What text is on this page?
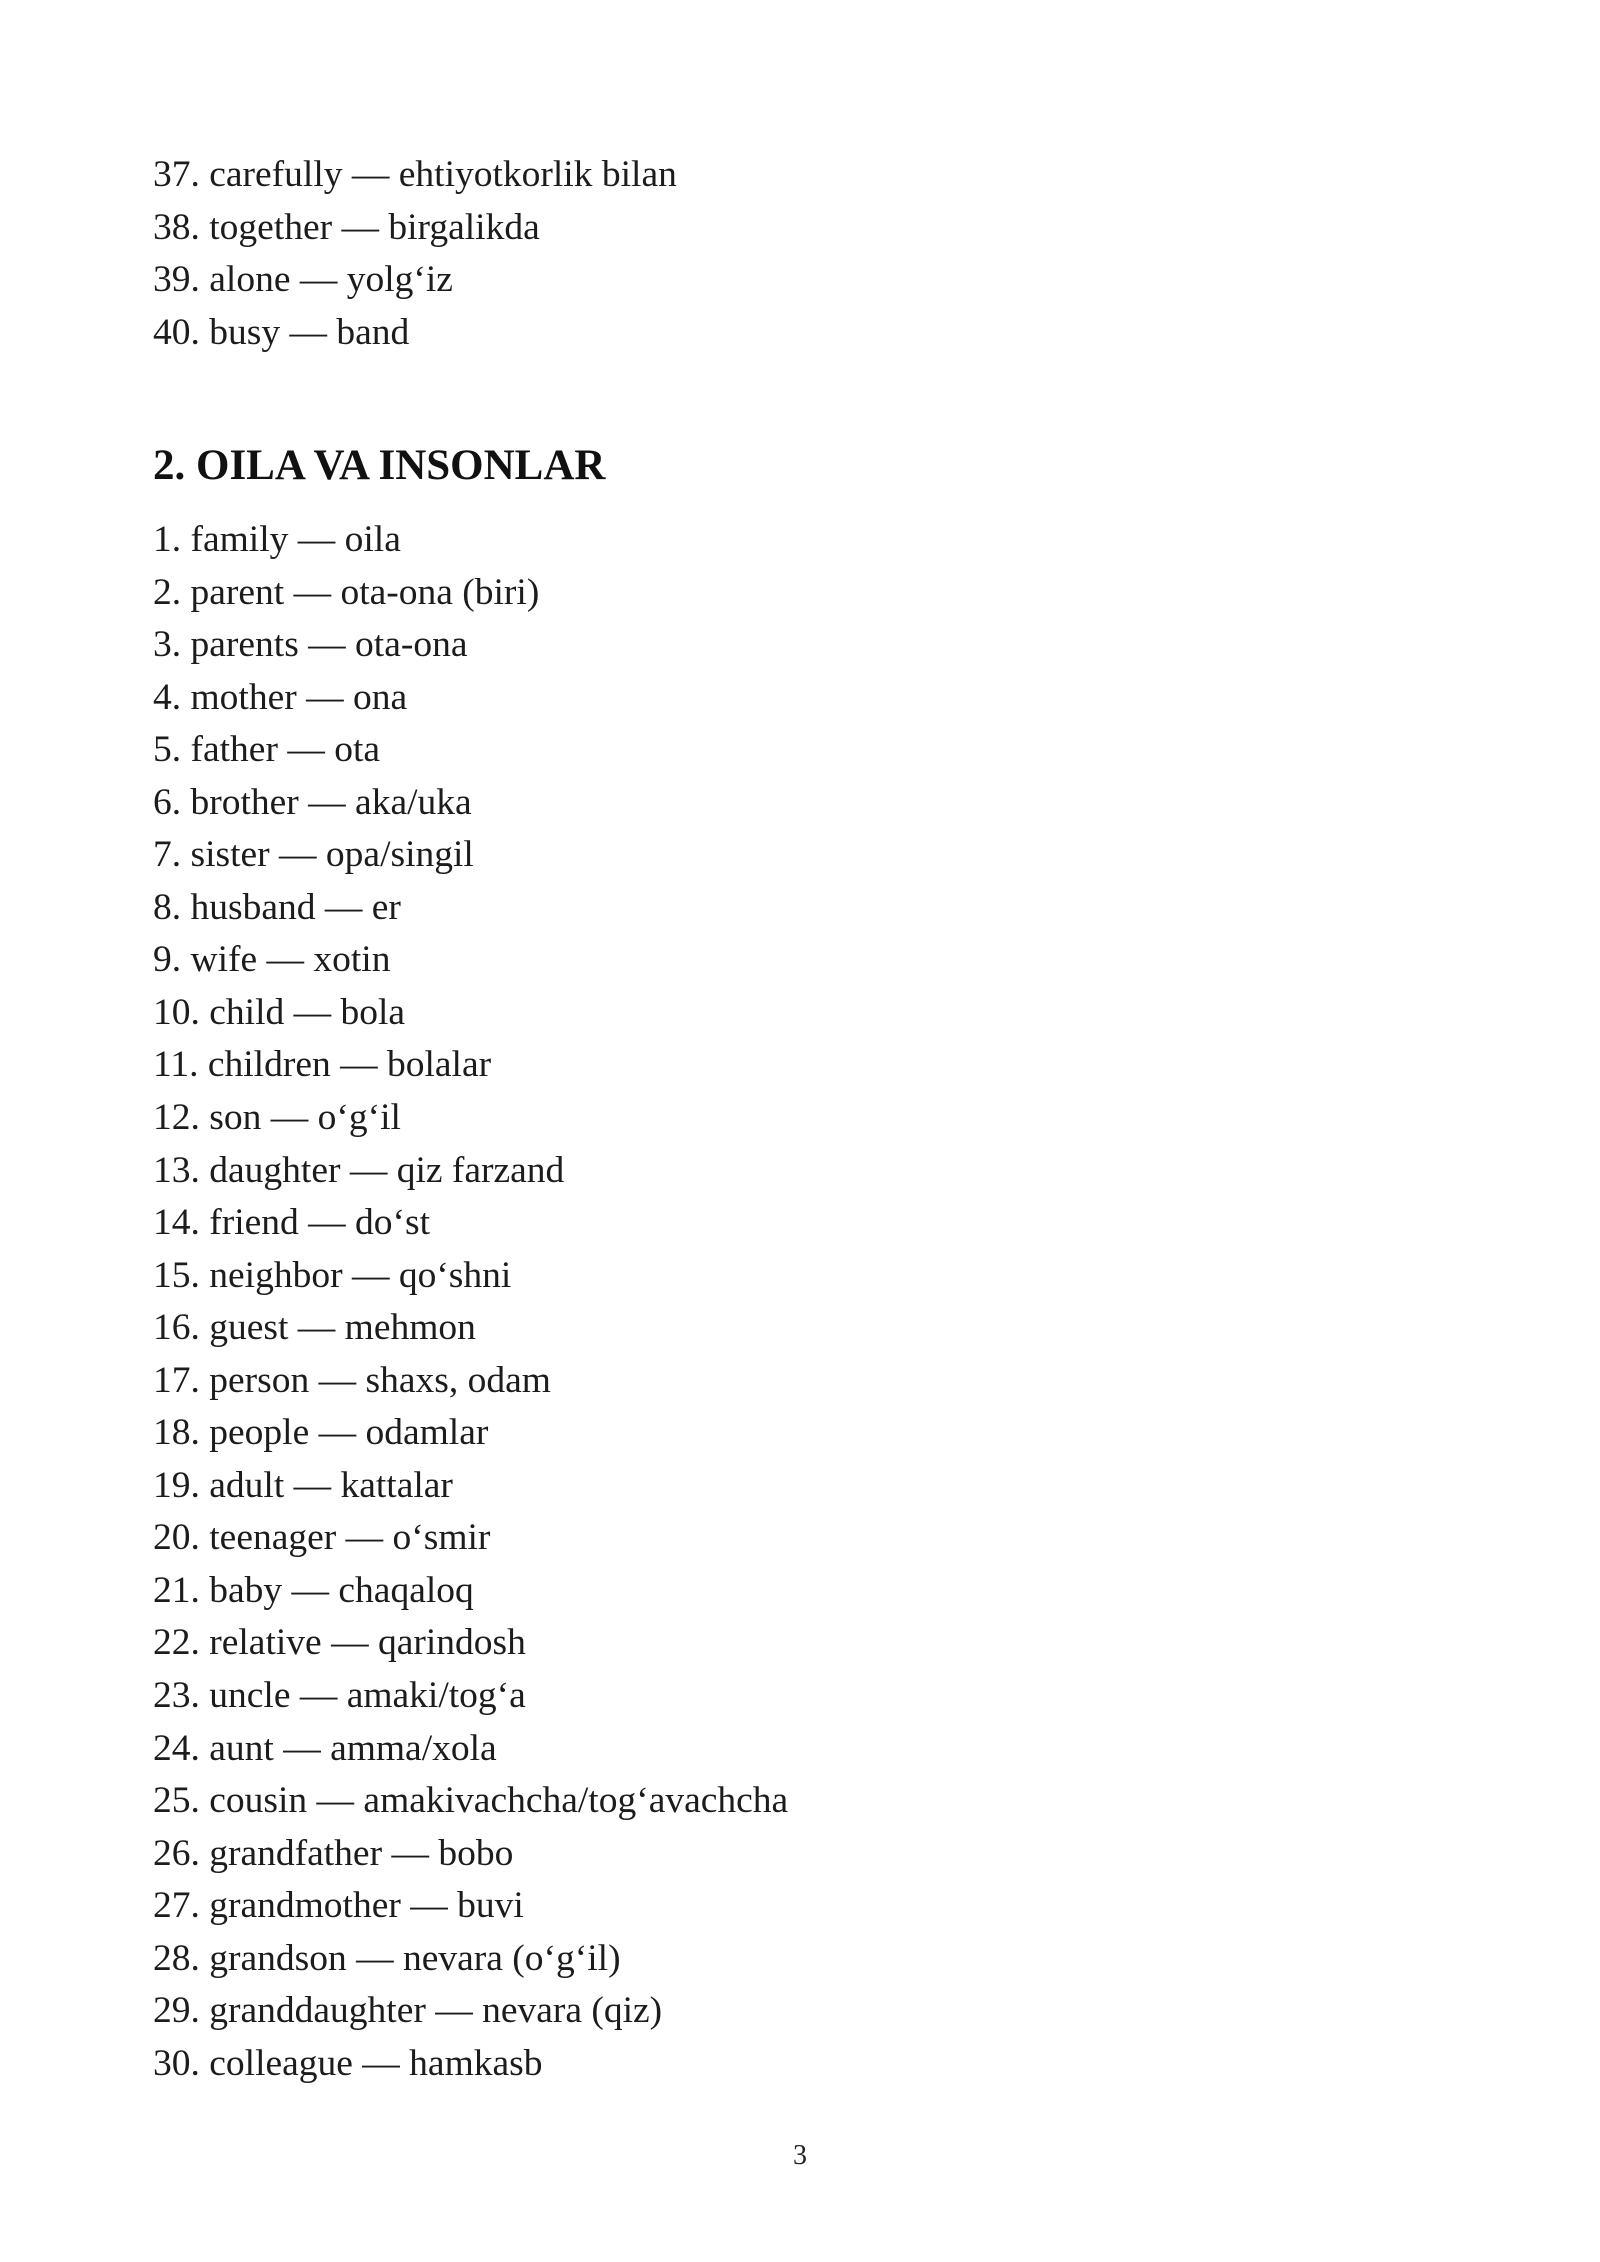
37. carefully — ehtiyotkorlik bilan
38. together — birgalikda
39. alone — yolg‘iz
40. busy — band
2. OILA VA INSONLAR
1. family — oila
2. parent — ota-ona (biri)
3. parents — ota-ona
4. mother — ona
5. father — ota
6. brother — aka/uka
7. sister — opa/singil
8. husband — er
9. wife — xotin
10. child — bola
11. children — bolalar
12. son — o‘g‘il
13. daughter — qiz farzand
14. friend — do‘st
15. neighbor — qo‘shni
16. guest — mehmon
17. person — shaxs, odam
18. people — odamlar
19. adult — kattalar
20. teenager — o‘smir
21. baby — chaqaloq
22. relative — qarindosh
23. uncle — amaki/tog‘a
24. aunt — amma/xola
25. cousin — amakivachcha/tog‘avachcha
26. grandfather — bobo
27. grandmother — buvi
28. grandson — nevara (o‘g‘il)
29. granddaughter — nevara (qiz)
30. colleague — hamkasb
3
